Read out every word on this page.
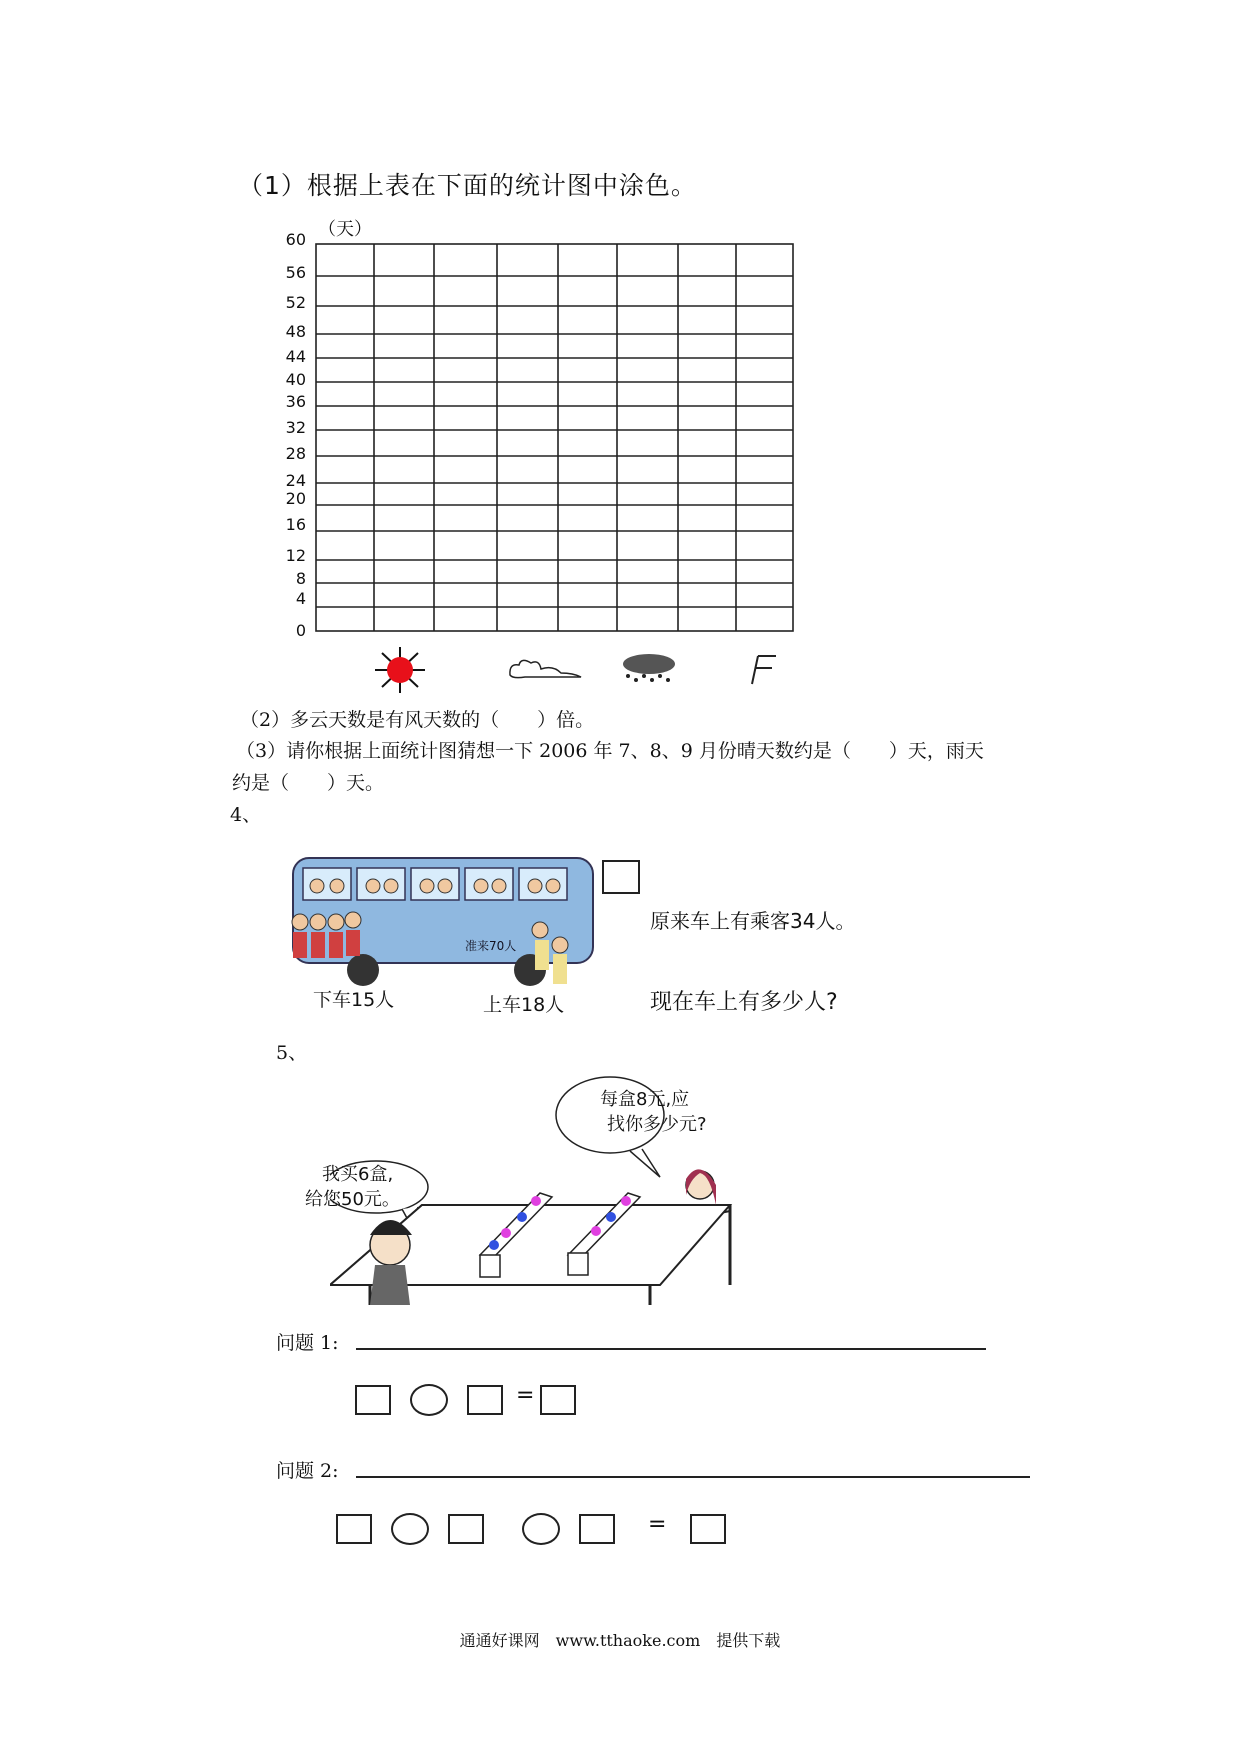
（1）根据上表在下面的统计图中涂色。
（天）
60
56
52
48
44
40
36
32
28
24
20
16
12
8
4
0
（2）多云天数是有风天数的（　　）倍。
（3）请你根据上面统计图猜想一下 2006 年 7、8、9 月份晴天数约是（　　）天，雨天
约是（　　）天。
4、
准来70人
原来车上有乘客34人。
现在车上有多少人?
下车15人	上车18人
5、
每盒8元,应
找你多少元?
我买6盒,
给您50元。
问题 1:
=
问题 2:
=
通通好课网　www.tthaoke.com　提供下载
